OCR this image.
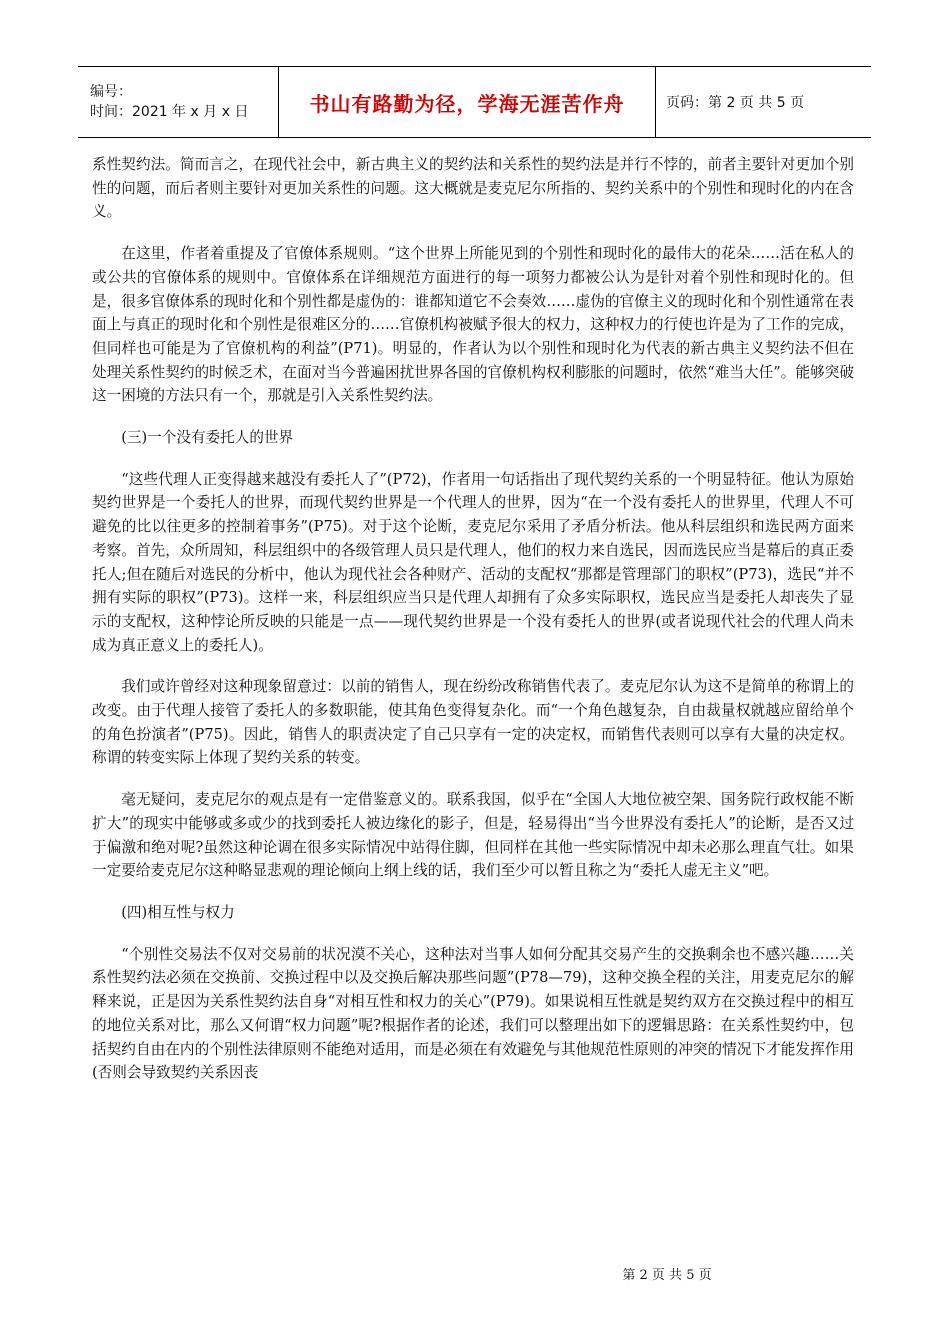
编号：
时间：2021 年 x 月 x 日	书山有路勤为径，学海无涯苦作舟	页码：第 2 页 共 5 页

系性契约法。简而言之，在现代社会中，新古典主义的契约法和关系性的契约法是并行不悖的，前者主要针对更加个别性的问题，而后者则主要针对更加关系性的问题。这大概就是麦克尼尔所指的、契约关系中的个别性和现时化的内在含义。

在这里，作者着重提及了官僚体系规则。“这个世界上所能见到的个别性和现时化的最伟大的花朵……活在私人的或公共的官僚体系的规则中。官僚体系在详细规范方面进行的每一项努力都被公认为是针对着个别性和现时化的。但是，很多官僚体系的现时化和个别性都是虚伪的：谁都知道它不会奏效……虚伪的官僚主义的现时化和个别性通常在表面上与真正的现时化和个别性是很难区分的……官僚机构被赋予很大的权力，这种权力的行使也许是为了工作的完成，但同样也可能是为了官僚机构的利益”(P71)。明显的，作者认为以个别性和现时化为代表的新古典主义契约法不但在处理关系性契约的时候乏术，在面对当今普遍困扰世界各国的官僚机构权利膨胀的问题时，依然“难当大任”。能够突破这一困境的方法只有一个，那就是引入关系性契约法。

(三)一个没有委托人的世界

“这些代理人正变得越来越没有委托人了”(P72)，作者用一句话指出了现代契约关系的一个明显特征。他认为原始契约世界是一个委托人的世界，而现代契约世界是一个代理人的世界，因为“在一个没有委托人的世界里，代理人不可避免的比以往更多的控制着事务”(P75)。对于这个论断，麦克尼尔采用了矛盾分析法。他从科层组织和选民两方面来考察。首先，众所周知，科层组织中的各级管理人员只是代理人，他们的权力来自选民，因而选民应当是幕后的真正委托人;但在随后对选民的分析中，他认为现代社会各种财产、活动的支配权“那都是管理部门的职权”(P73)，选民“并不拥有实际的职权”(P73)。这样一来，科层组织应当只是代理人却拥有了众多实际职权，选民应当是委托人却丧失了显示的支配权，这种悖论所反映的只能是一点——现代契约世界是一个没有委托人的世界(或者说现代社会的代理人尚未成为真正意义上的委托人)。

我们或许曾经对这种现象留意过：以前的销售人，现在纷纷改称销售代表了。麦克尼尔认为这不是简单的称谓上的改变。由于代理人接管了委托人的多数职能，使其角色变得复杂化。而“一个角色越复杂，自由裁量权就越应留给单个的角色扮演者”(P75)。因此，销售人的职责决定了自己只享有一定的决定权，而销售代表则可以享有大量的决定权。称谓的转变实际上体现了契约关系的转变。

毫无疑问，麦克尼尔的观点是有一定借鉴意义的。联系我国，似乎在“全国人大地位被空架、国务院行政权能不断扩大”的现实中能够或多或少的找到委托人被边缘化的影子，但是，轻易得出“当今世界没有委托人”的论断，是否又过于偏激和绝对呢?虽然这种论调在很多实际情况中站得住脚，但同样在其他一些实际情况中却未必那么理直气壮。如果一定要给麦克尼尔这种略显悲观的理论倾向上纲上线的话，我们至少可以暂且称之为“委托人虚无主义”吧。

(四)相互性与权力

“个别性交易法不仅对交易前的状况漠不关心，这种法对当事人如何分配其交易产生的交换剩余也不感兴趣……关系性契约法必须在交换前、交换过程中以及交换后解决那些问题”(P78—79)，这种交换全程的关注，用麦克尼尔的解释来说，正是因为关系性契约法自身“对相互性和权力的关心”(P79)。如果说相互性就是契约双方在交换过程中的相互的地位关系对比，那么又何谓“权力问题”呢?根据作者的论述，我们可以整理出如下的逻辑思路：在关系性契约中，包括契约自由在内的个别性法律原则不能绝对适用，而是必须在有效避免与其他规范性原则的冲突的情况下才能发挥作用(否则会导致契约关系因丧

第 2 页 共 5 页
